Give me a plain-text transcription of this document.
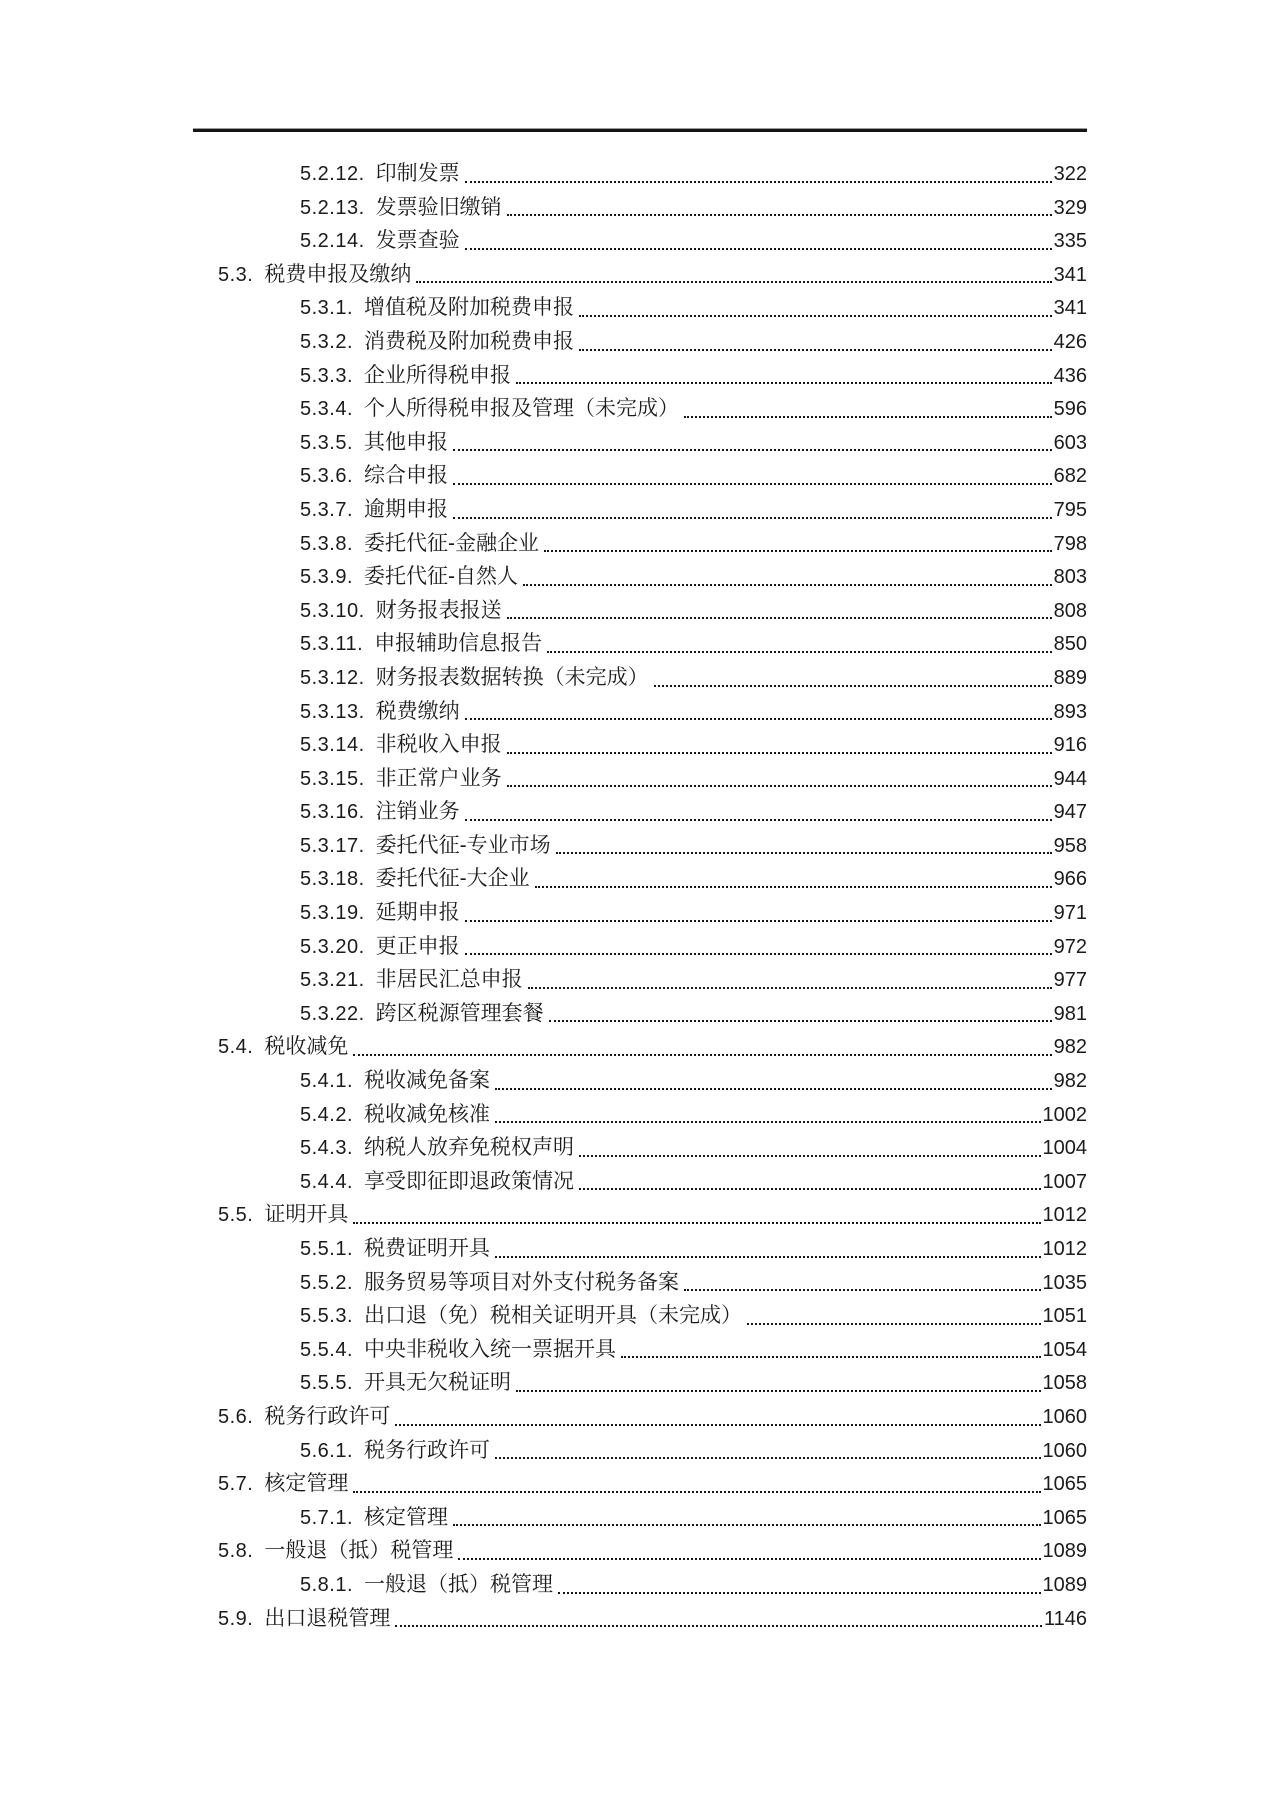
5.2.12. 印制发票	322
5.2.13. 发票验旧缴销	329
5.2.14. 发票查验	335
5.3. 税费申报及缴纳	341
5.3.1. 增值税及附加税费申报	341
5.3.2. 消费税及附加税费申报	426
5.3.3. 企业所得税申报	436
5.3.4. 个人所得税申报及管理（未完成）	596
5.3.5. 其他申报	603
5.3.6. 综合申报	682
5.3.7. 逾期申报	795
5.3.8. 委托代征-金融企业	798
5.3.9. 委托代征-自然人	803
5.3.10. 财务报表报送	808
5.3.11. 申报辅助信息报告	850
5.3.12. 财务报表数据转换（未完成）	889
5.3.13. 税费缴纳	893
5.3.14. 非税收入申报	916
5.3.15. 非正常户业务	944
5.3.16. 注销业务	947
5.3.17. 委托代征-专业市场	958
5.3.18. 委托代征-大企业	966
5.3.19. 延期申报	971
5.3.20. 更正申报	972
5.3.21. 非居民汇总申报	977
5.3.22. 跨区税源管理套餐	981
5.4. 税收减免	982
5.4.1. 税收减免备案	982
5.4.2. 税收减免核准	1002
5.4.3. 纳税人放弃免税权声明	1004
5.4.4. 享受即征即退政策情况	1007
5.5. 证明开具	1012
5.5.1. 税费证明开具	1012
5.5.2. 服务贸易等项目对外支付税务备案	1035
5.5.3. 出口退（免）税相关证明开具（未完成）	1051
5.5.4. 中央非税收入统一票据开具	1054
5.5.5. 开具无欠税证明	1058
5.6. 税务行政许可	1060
5.6.1. 税务行政许可	1060
5.7. 核定管理	1065
5.7.1. 核定管理	1065
5.8. 一般退（抵）税管理	1089
5.8.1. 一般退（抵）税管理	1089
5.9. 出口退税管理	1146
